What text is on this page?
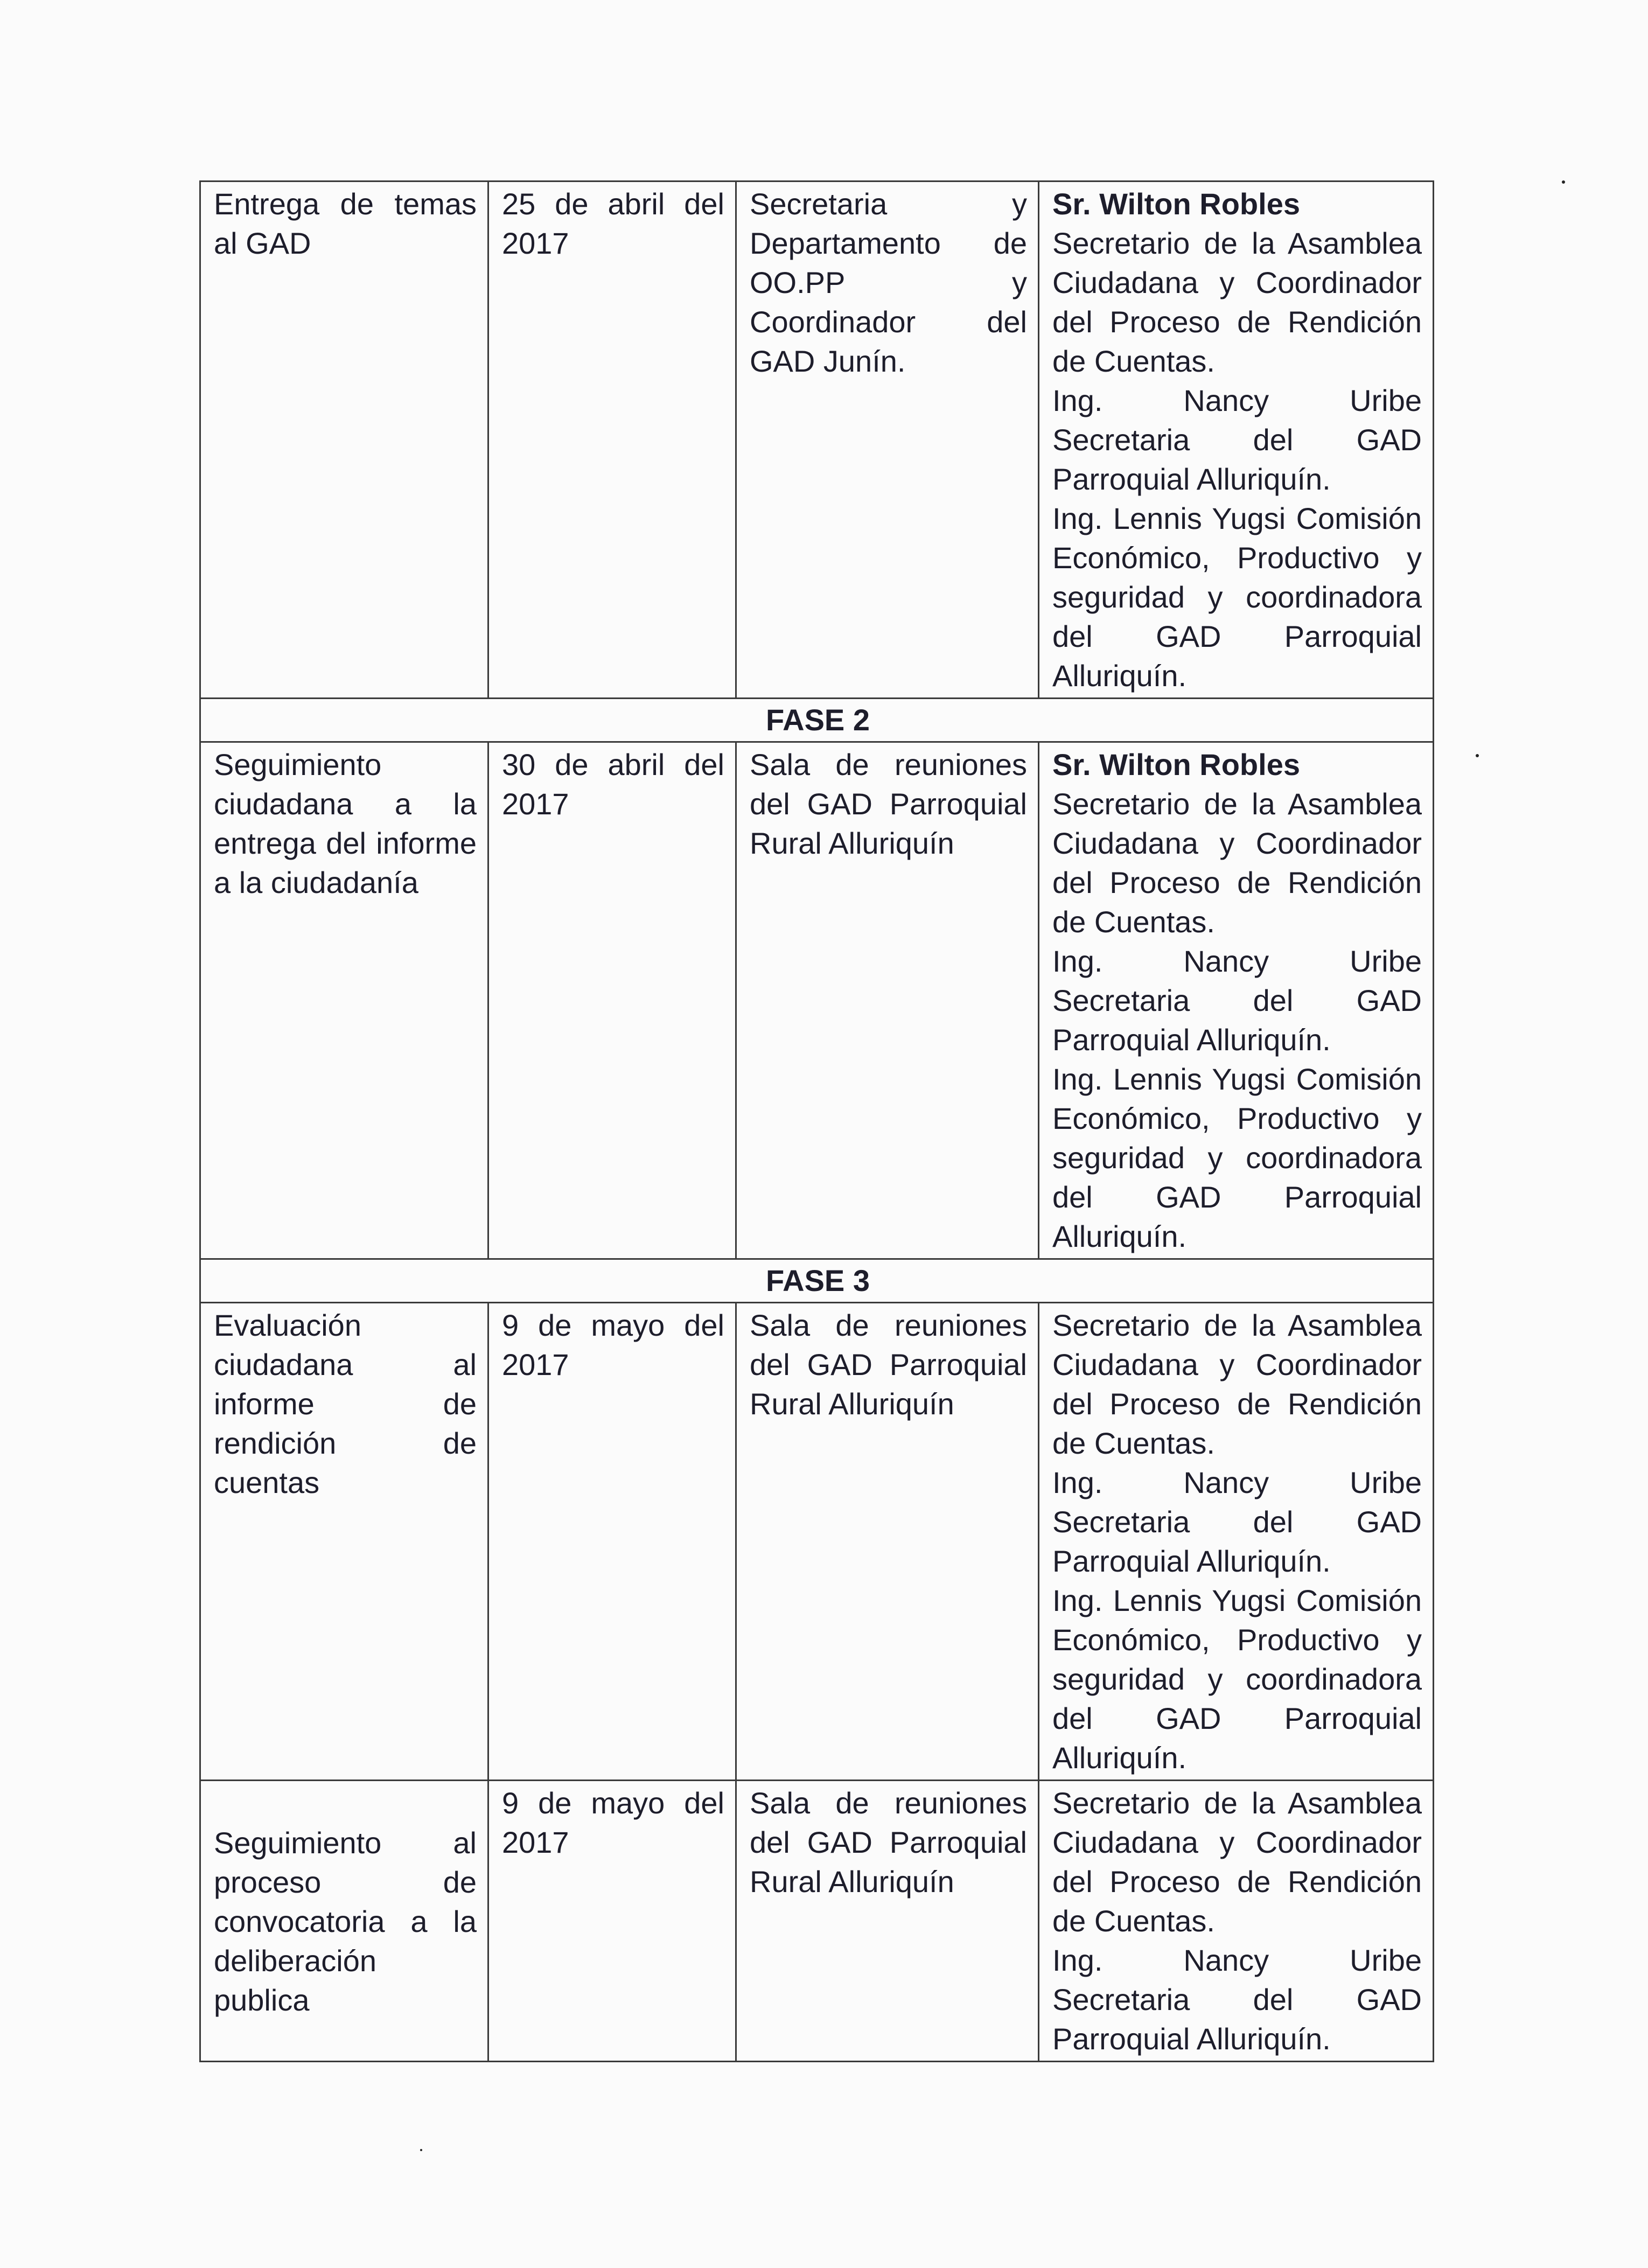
Entrega de temas al GAD	25 de abril del 2017	Secretaria y Departamento de OO.PP y Coordinador del GAD Junín.	Sr. Wilton Robles
Secretario de la Asamblea Ciudadana y Coordinador del Proceso de Rendición de Cuentas.
Ing. Nancy Uribe Secretaria del GAD Parroquial Alluriquín.
Ing. Lennis Yugsi Comisión Económico, Productivo y seguridad y coordinadora del GAD Parroquial Alluriquín.

FASE 2			
Seguimiento ciudadana a la entrega del informe a la ciudadanía	30 de abril del 2017	Sala de reuniones del GAD Parroquial Rural Alluriquín	Sr. Wilton Robles
Secretario de la Asamblea Ciudadana y Coordinador del Proceso de Rendición de Cuentas.
Ing. Nancy Uribe Secretaria del GAD Parroquial Alluriquín.
Ing. Lennis Yugsi Comisión Económico, Productivo y seguridad y coordinadora del GAD Parroquial Alluriquín.

FASE 3			
Evaluación ciudadana al informe de rendición de cuentas	9 de mayo del 2017	Sala de reuniones del GAD Parroquial Rural Alluriquín	Secretario de la Asamblea Ciudadana y Coordinador del Proceso de Rendición de Cuentas.
Ing. Nancy Uribe Secretaria del GAD Parroquial Alluriquín.
Ing. Lennis Yugsi Comisión Económico, Productivo y seguridad y coordinadora del GAD Parroquial Alluriquín.

Seguimiento al proceso de convocatoria a la deliberación publica	9 de mayo del 2017	Sala de reuniones del GAD Parroquial Rural Alluriquín	Secretario de la Asamblea Ciudadana y Coordinador del Proceso de Rendición de Cuentas.
Ing. Nancy Uribe Secretaria del GAD Parroquial Alluriquín.
